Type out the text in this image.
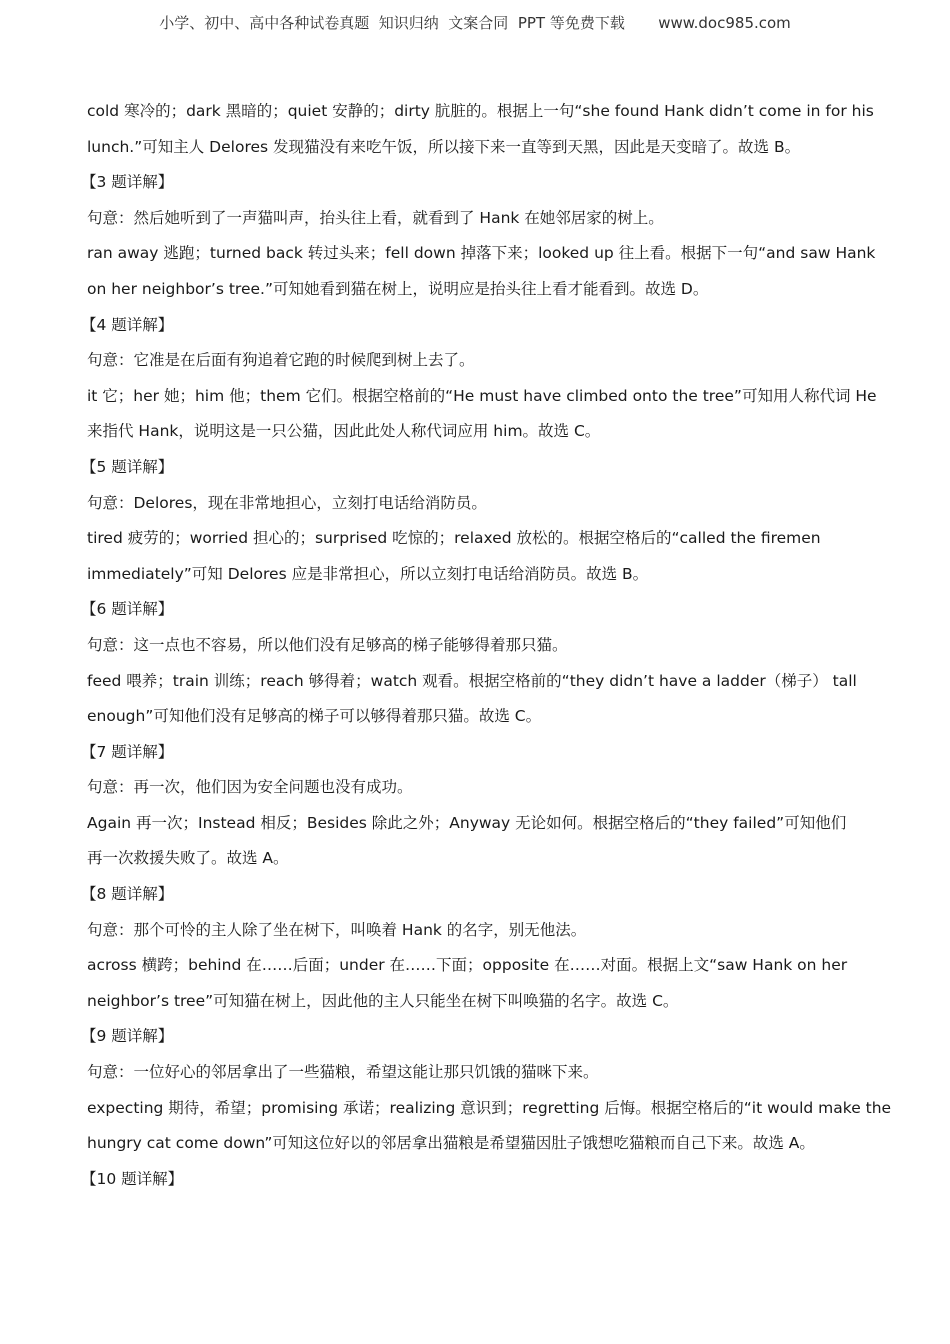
小学、初中、高中各种试卷真题  知识归纳  文案合同  PPT 等免费下载       www.doc985.com
cold 寒冷的；dark 黑暗的；quiet 安静的；dirty 肮脏的。根据上一句“she found Hank didn’t come in for his
lunch.”可知主人 Delores 发现猫没有来吃午饭，所以接下来一直等到天黑，因此是天变暗了。故选 B。
【3 题详解】
句意：然后她听到了一声猫叫声，抬头往上看，就看到了 Hank 在她邻居家的树上。
ran away 逃跑；turned back 转过头来；fell down 掉落下来；looked up 往上看。根据下一句“and saw Hank
on her neighbor’s tree.”可知她看到猫在树上，说明应是抬头往上看才能看到。故选 D。
【4 题详解】
句意：它准是在后面有狗追着它跑的时候爬到树上去了。
it 它；her 她；him 他；them 它们。根据空格前的“He must have climbed onto the tree”可知用人称代词 He
来指代 Hank，说明这是一只公猫，因此此处人称代词应用 him。故选 C。
【5 题详解】
句意：Delores，现在非常地担心，立刻打电话给消防员。
tired 疲劳的；worried 担心的；surprised 吃惊的；relaxed 放松的。根据空格后的“called the firemen
immediately”可知 Delores 应是非常担心，所以立刻打电话给消防员。故选 B。
【6 题详解】
句意：这一点也不容易，所以他们没有足够高的梯子能够得着那只猫。
feed 喂养；train 训练；reach 够得着；watch 观看。根据空格前的“they didn’t have a ladder（梯子） tall
enough”可知他们没有足够高的梯子可以够得着那只猫。故选 C。
【7 题详解】
句意：再一次，他们因为安全问题也没有成功。
Again 再一次；Instead 相反；Besides 除此之外；Anyway 无论如何。根据空格后的“they failed”可知他们
再一次救援失败了。故选 A。
【8 题详解】
句意：那个可怜的主人除了坐在树下，叫唤着 Hank 的名字，别无他法。
across 横跨；behind 在……后面；under 在……下面；opposite 在……对面。根据上文“saw Hank on her
neighbor’s tree”可知猫在树上，因此他的主人只能坐在树下叫唤猫的名字。故选 C。
【9 题详解】
句意：一位好心的邻居拿出了一些猫粮，希望这能让那只饥饿的猫咪下来。
expecting 期待，希望；promising 承诺；realizing 意识到；regretting 后悔。根据空格后的“it would make the
hungry cat come down”可知这位好以的邻居拿出猫粮是希望猫因肚子饿想吃猫粮而自己下来。故选 A。
【10 题详解】
